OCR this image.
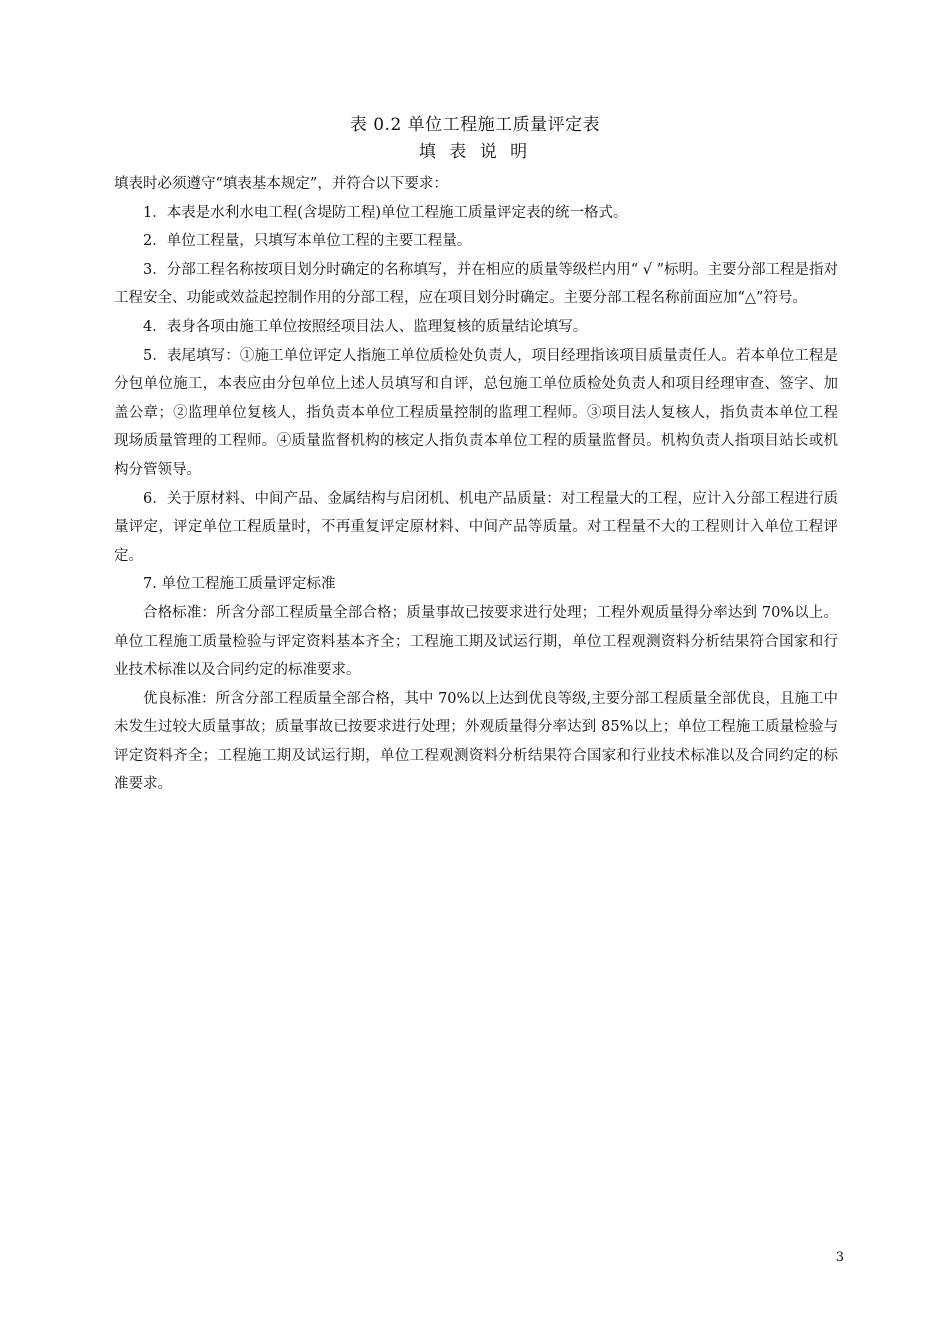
表 0.2 单位工程施工质量评定表
填 表 说 明

填表时必须遵守“填表基本规定”，并符合以下要求：

1．本表是水利水电工程(含堤防工程)单位工程施工质量评定表的统一格式。

2．单位工程量，只填写本单位工程的主要工程量。

3．分部工程名称按项目划分时确定的名称填写，并在相应的质量等级栏内用“ √ ”标明。主要分部工程是指对工程安全、功能或效益起控制作用的分部工程，应在项目划分时确定。主要分部工程名称前面应加“△”符号。

4．表身各项由施工单位按照经项目法人、监理复核的质量结论填写。

5．表尾填写：①施工单位评定人指施工单位质检处负责人，项目经理指该项目质量责任人。若本单位工程是分包单位施工，本表应由分包单位上述人员填写和自评，总包施工单位质检处负责人和项目经理审查、签字、加盖公章；②监理单位复核人，指负责本单位工程质量控制的监理工程师。③项目法人复核人，指负责本单位工程现场质量管理的工程师。④质量监督机构的核定人指负责本单位工程的质量监督员。机构负责人指项目站长或机构分管领导。

6．关于原材料、中间产品、金属结构与启闭机、机电产品质量：对工程量大的工程，应计入分部工程进行质量评定，评定单位工程质量时，不再重复评定原材料、中间产品等质量。对工程量不大的工程则计入单位工程评定。

7. 单位工程施工质量评定标准

合格标准：所含分部工程质量全部合格；质量事故已按要求进行处理；工程外观质量得分率达到 70%以上。单位工程施工质量检验与评定资料基本齐全；工程施工期及试运行期，单位工程观测资料分析结果符合国家和行业技术标准以及合同约定的标准要求。

优良标准：所含分部工程质量全部合格，其中 70%以上达到优良等级,主要分部工程质量全部优良，且施工中未发生过较大质量事故；质量事故已按要求进行处理；外观质量得分率达到 85%以上；单位工程施工质量检验与评定资料齐全；工程施工期及试运行期，单位工程观测资料分析结果符合国家和行业技术标准以及合同约定的标准要求。

3
